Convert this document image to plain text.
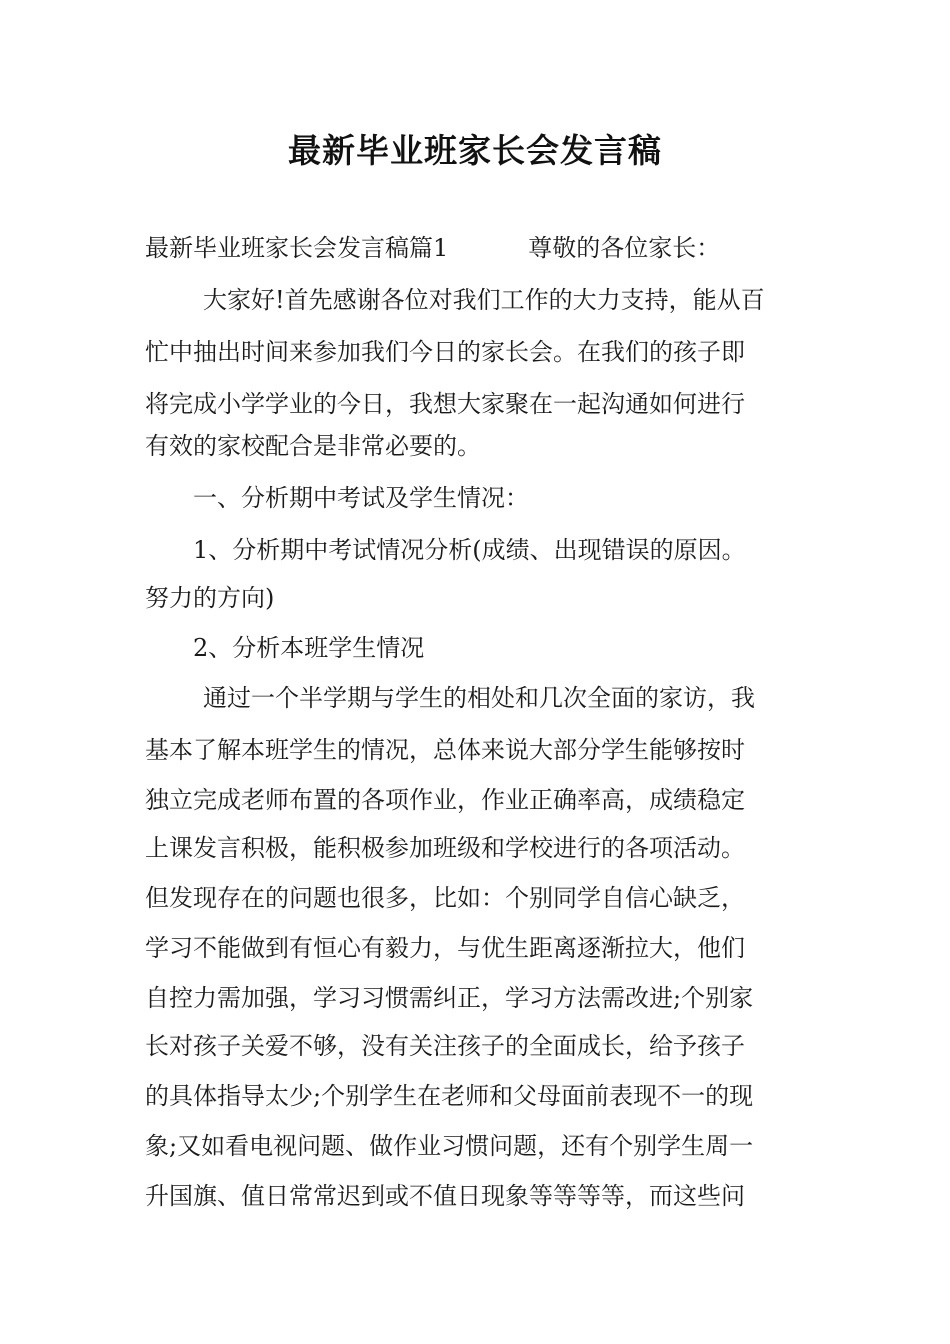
最新毕业班家长会发言稿
最新毕业班家长会发言稿篇1	尊敬的各位家长：
大家好!首先感谢各位对我们工作的大力支持，能从百
忙中抽出时间来参加我们今日的家长会。在我们的孩子即
将完成小学学业的今日，我想大家聚在一起沟通如何进行
有效的家校配合是非常必要的。
一、分析期中考试及学生情况：
1、分析期中考试情况分析(成绩、出现错误的原因。
努力的方向)
2、分析本班学生情况
通过一个半学期与学生的相处和几次全面的家访，我
基本了解本班学生的情况，总体来说大部分学生能够按时
独立完成老师布置的各项作业，作业正确率高，成绩稳定
上课发言积极，能积极参加班级和学校进行的各项活动。
但发现存在的问题也很多，比如：个别同学自信心缺乏，
学习不能做到有恒心有毅力，与优生距离逐渐拉大，他们
自控力需加强，学习习惯需纠正，学习方法需改进;个别家
长对孩子关爱不够，没有关注孩子的全面成长，给予孩子
的具体指导太少;个别学生在老师和父母面前表现不一的现
象;又如看电视问题、做作业习惯问题，还有个别学生周一
升国旗、值日常常迟到或不值日现象等等等等，而这些问
